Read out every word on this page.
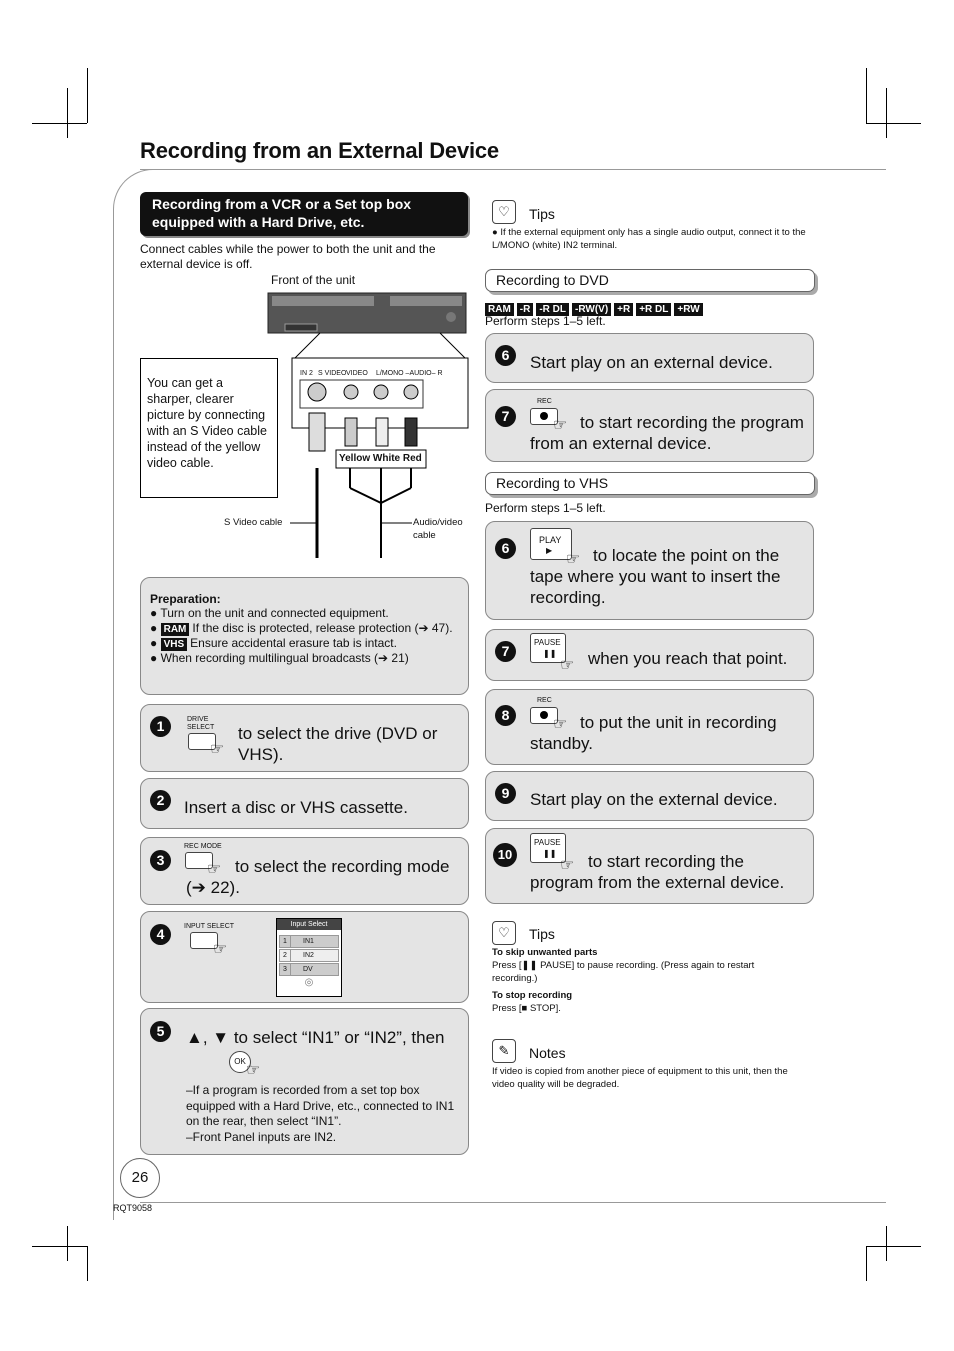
Recording from an External Device
Recording from a VCR or a Set top box equipped with a Hard Drive, etc.
Connect cables while the power to both the unit and the external device is off.
Front of the unit
IN 2 S VIDEO VIDEO L/MONO –AUDIO– R
Yellow White Red
S Video cable	Audio/video cable
You can get a sharper, clearer picture by connecting with an S Video cable instead of the yellow video cable.
Preparation:
● Turn on the unit and connected equipment.
● RAM If the disc is protected, release protection (➔ 47).
● VHS Ensure accidental erasure tab is intact.
● When recording multilingual broadcasts (➔ 21)
1	DRIVE SELECT
☞
to select the drive (DVD or VHS).
2	Insert a disc or VHS cassette.
3
REC MODE
☞ to select the recording mode (➔ 22).
4	INPUT SELECT
☞
Input Select
1	IN1
2	IN2
3	DV
◎
5	▲, ▼ to select “IN1” or “IN2”, then
OK
☞
–If a program is recorded from a set top box equipped with a Hard Drive, etc., connected to IN1 on the rear, then select “IN1”.
–Front Panel inputs are IN2.
26
RQT9058
♡	Tips
● If the external equipment only has a single audio output, connect it to the L/MONO (white) IN2 terminal.
Recording to DVD
RAM -R -R DL -RW(V) +R +R DL +RW
Perform steps 1–5 left.
6	Start play on an external device.
7
REC
☞ to start recording the program from an external device.
Recording to VHS
Perform steps 1–5 left.
6	PLAY
▶
☞ to locate the point on the tape where you want to insert the recording.
7
PAUSE
❚❚
☞ when you reach that point.
8
REC
☞ to put the unit in recording standby.
9	Start play on the external device.
10
PAUSE
❚❚
☞ to start recording the program from the external device.
♡	Tips
To skip unwanted parts
Press [❚❚ PAUSE] to pause recording. (Press again to restart recording.)
To stop recording
Press [■ STOP].
✎	Notes
If video is copied from another piece of equipment to this unit, then the video quality will be degraded.
